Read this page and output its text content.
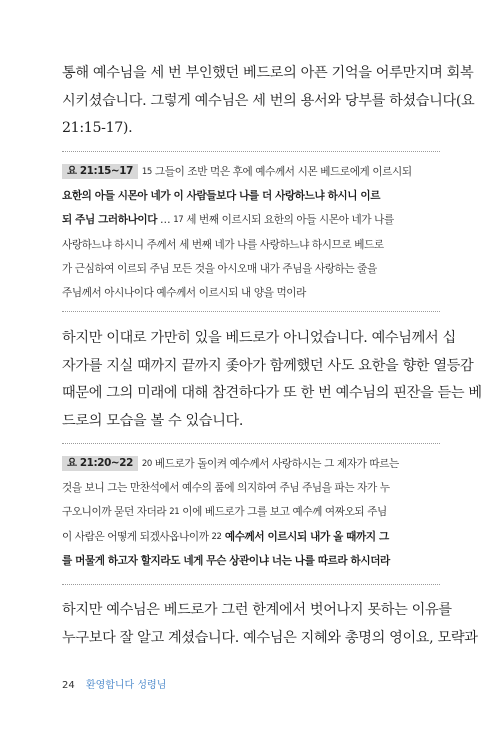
통해 예수님을 세 번 부인했던 베드로의 아픈 기억을 어루만지며 회복
시키셨습니다. 그렇게 예수님은 세 번의 용서와 당부를 하셨습니다(요
21:15-17).

요 21:15~17 15 그들이 조반 먹은 후에 예수께서 시몬 베드로에게 이르시되
요한의 아들 시몬아 네가 이 사람들보다 나를 더 사랑하느냐 하시니 이르
되 주님 그러하나이다 … 17 세 번째 이르시되 요한의 아들 시몬아 네가 나를
사랑하느냐 하시니 주께서 세 번째 네가 나를 사랑하느냐 하시므로 베드로
가 근심하여 이르되 주님 모든 것을 아시오매 내가 주님을 사랑하는 줄을
주님께서 아시나이다 예수께서 이르시되 내 양을 먹이라

하지만 이대로 가만히 있을 베드로가 아니었습니다. 예수님께서 십
자가를 지실 때까지 끝까지 좇아가 함께했던 사도 요한을 향한 열등감
때문에 그의 미래에 대해 참견하다가 또 한 번 예수님의 핀잔을 듣는 베
드로의 모습을 볼 수 있습니다.

요 21:20~22 20 베드로가 돌이켜 예수께서 사랑하시는 그 제자가 따르는
것을 보니 그는 만찬석에서 예수의 품에 의지하여 주님 주님을 파는 자가 누
구오니이까 묻던 자더라 21 이에 베드로가 그를 보고 예수께 여짜오되 주님
이 사람은 어떻게 되겠사옵나이까 22 예수께서 이르시되 내가 올 때까지 그
를 머물게 하고자 할지라도 네게 무슨 상관이냐 너는 나를 따르라 하시더라

하지만 예수님은 베드로가 그런 한계에서 벗어나지 못하는 이유를
누구보다 잘 알고 계셨습니다. 예수님은 지혜와 총명의 영이요, 모략과

24 환영합니다 성령님
